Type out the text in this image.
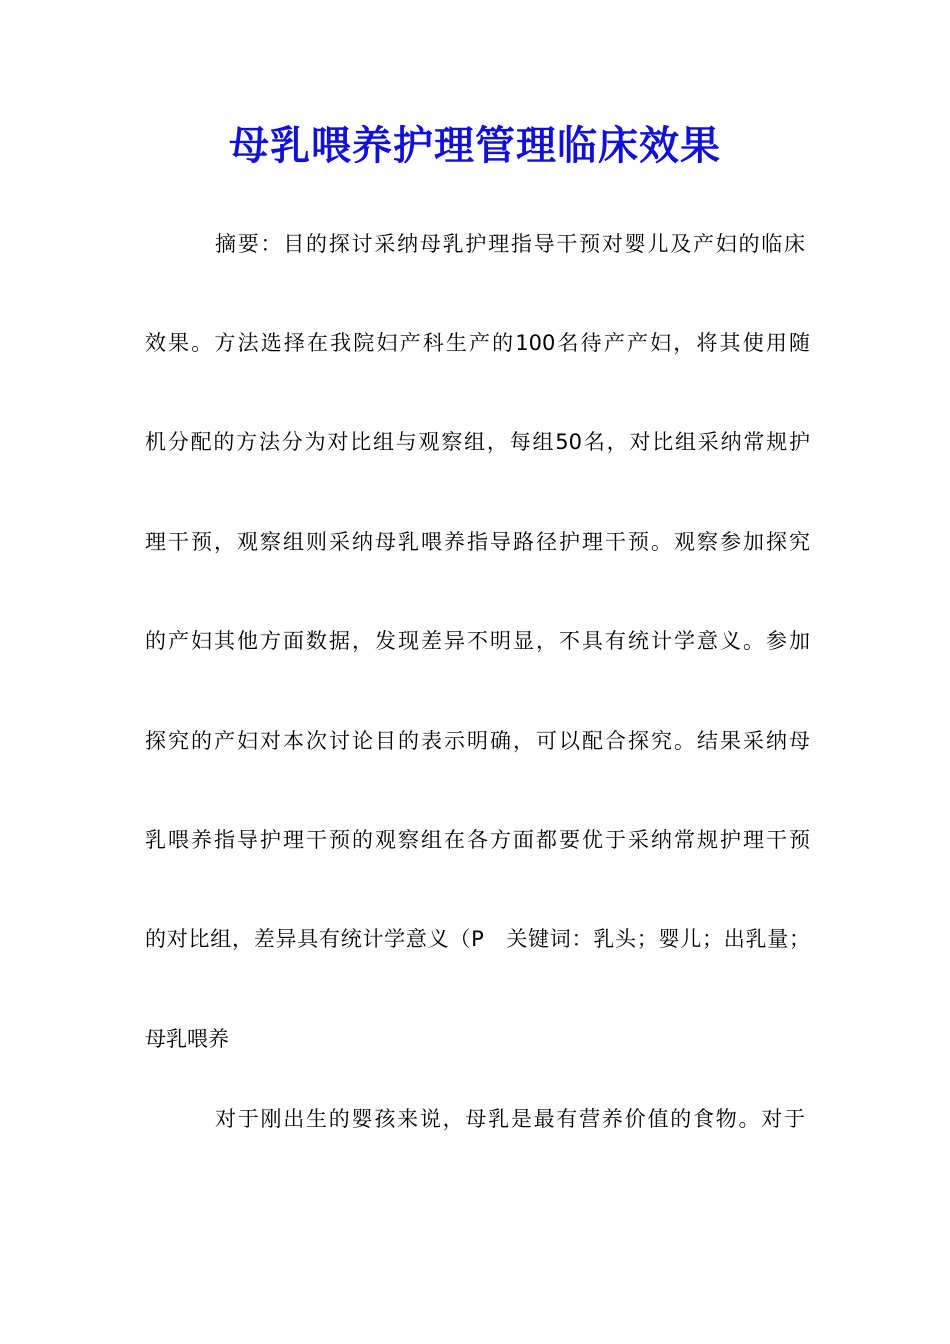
母乳喂养护理管理临床效果
摘要：目的探讨采纳母乳护理指导干预对婴儿及产妇的临床
效果。方法选择在我院妇产科生产的100名待产产妇，将其使用随
机分配的方法分为对比组与观察组，每组50名，对比组采纳常规护
理干预，观察组则采纳母乳喂养指导路径护理干预。观察参加探究
的产妇其他方面数据，发现差异不明显，不具有统计学意义。参加
探究的产妇对本次讨论目的表示明确，可以配合探究。结果采纳母
乳喂养指导护理干预的观察组在各方面都要优于采纳常规护理干预
的对比组，差异具有统计学意义（P　关键词：乳头；婴儿；出乳量；
母乳喂养
对于刚出生的婴孩来说，母乳是最有营养价值的食物。对于
